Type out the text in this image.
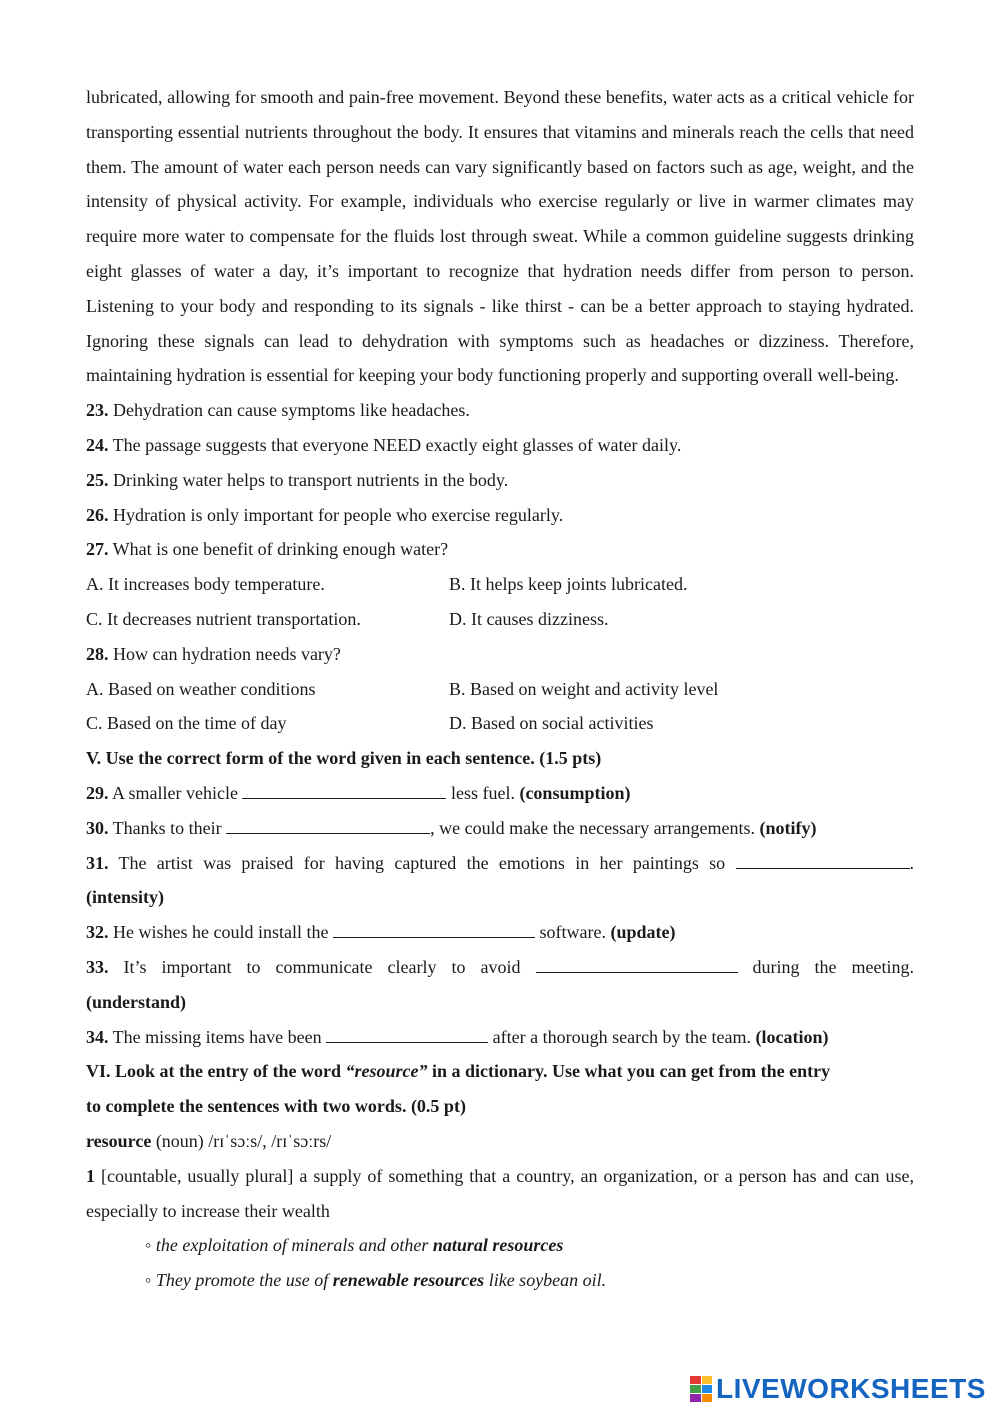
lubricated, allowing for smooth and pain-free movement. Beyond these benefits, water acts as a critical vehicle for transporting essential nutrients throughout the body. It ensures that vitamins and minerals reach the cells that need them. The amount of water each person needs can vary significantly based on factors such as age, weight, and the intensity of physical activity. For example, individuals who exercise regularly or live in warmer climates may require more water to compensate for the fluids lost through sweat. While a common guideline suggests drinking eight glasses of water a day, it’s important to recognize that hydration needs differ from person to person. Listening to your body and responding to its signals - like thirst - can be a better approach to staying hydrated. Ignoring these signals can lead to dehydration with symptoms such as headaches or dizziness. Therefore, maintaining hydration is essential for keeping your body functioning properly and supporting overall well-being.

23. Dehydration can cause symptoms like headaches.
24. The passage suggests that everyone NEED exactly eight glasses of water daily.
25. Drinking water helps to transport nutrients in the body.
26. Hydration is only important for people who exercise regularly.
27. What is one benefit of drinking enough water?
A. It increases body temperature.	B. It helps keep joints lubricated.
C. It decreases nutrient transportation.	D. It causes dizziness.
28. How can hydration needs vary?
A. Based on weather conditions	B. Based on weight and activity level
C. Based on the time of day	D. Based on social activities
V. Use the correct form of the word given in each sentence. (1.5 pts)
29. A smaller vehicle	less fuel. (consumption)
30. Thanks to their	, we could make the necessary arrangements. (notify)
31. The artist was praised for having captured the emotions in her paintings so	.
(intensity)
32. He wishes he could install the	software. (update)
33. It’s important to communicate clearly to avoid	during the meeting.
(understand)
34. The missing items have been	after a thorough search by the team. (location)
VI. Look at the entry of the word “resource” in a dictionary. Use what you can get from the entry
to complete the sentences with two words. (0.5 pt)
resource (noun) /rɪˈsɔːs/, /rɪˈsɔːrs/

1 [countable, usually plural] a supply of something that a country, an organization, or a person has and can use, especially to increase their wealth

◦ the exploitation of minerals and other natural resources
◦ They promote the use of renewable resources like soybean oil.
LIVEWORKSHEETS
